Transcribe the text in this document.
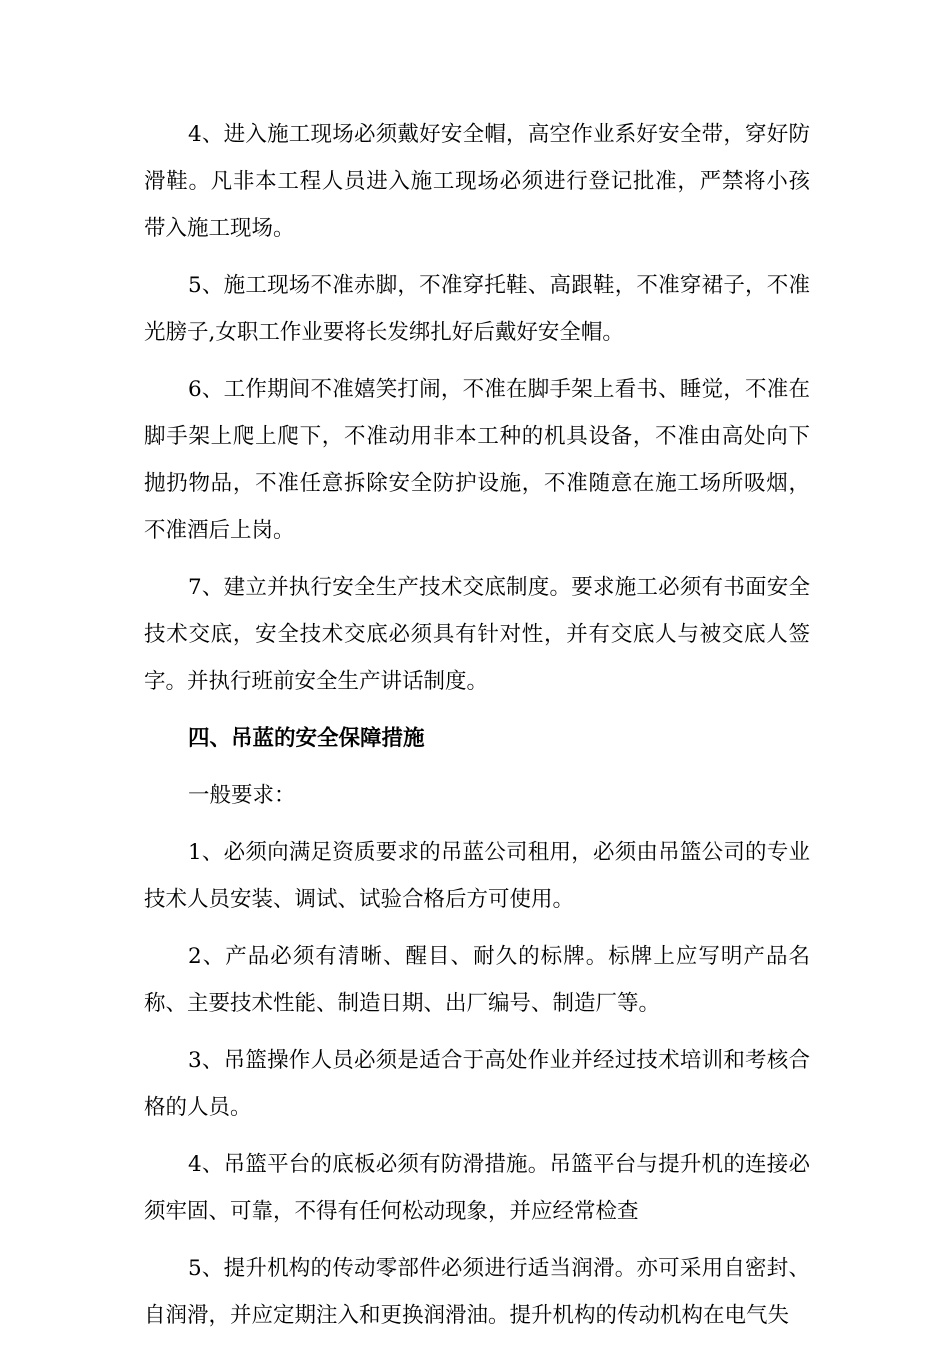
4、进入施工现场必须戴好安全帽，高空作业系好安全带，穿好防滑鞋。凡非本工程人员进入施工现场必须进行登记批准，严禁将小孩带入施工现场。

5、施工现场不准赤脚，不准穿托鞋、高跟鞋，不准穿裙子，不准光膀子,女职工作业要将长发绑扎好后戴好安全帽。

6、工作期间不准嬉笑打闹，不准在脚手架上看书、睡觉，不准在脚手架上爬上爬下，不准动用非本工种的机具设备，不准由高处向下抛扔物品，不准任意拆除安全防护设施，不准随意在施工场所吸烟，不准酒后上岗。

7、建立并执行安全生产技术交底制度。要求施工必须有书面安全技术交底，安全技术交底必须具有针对性，并有交底人与被交底人签字。并执行班前安全生产讲话制度。

四、吊蓝的安全保障措施

一般要求：

1、必须向满足资质要求的吊蓝公司租用，必须由吊篮公司的专业技术人员安装、调试、试验合格后方可使用。

2、产品必须有清晰、醒目、耐久的标牌。标牌上应写明产品名称、主要技术性能、制造日期、出厂编号、制造厂等。

3、吊篮操作人员必须是适合于高处作业并经过技术培训和考核合格的人员。

4、吊篮平台的底板必须有防滑措施。吊篮平台与提升机的连接必须牢固、可靠，不得有任何松动现象，并应经常检查

5、提升机构的传动零部件必须进行适当润滑。亦可采用自密封、自润滑，并应定期注入和更换润滑油。提升机构的传动机构在电气失
